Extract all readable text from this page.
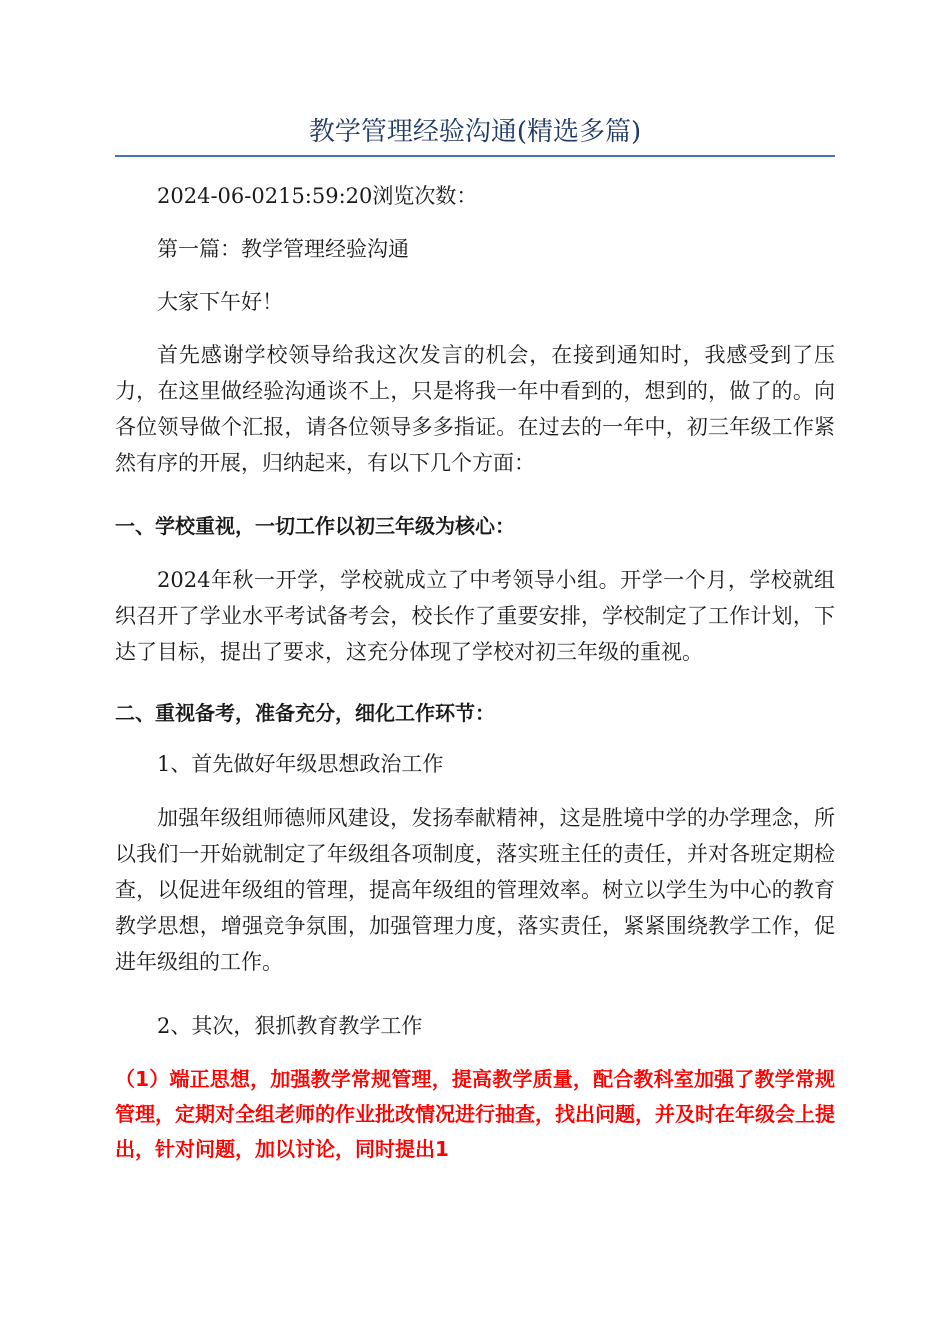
教学管理经验沟通(精选多篇)

2024-06-0215:59:20浏览次数：

第一篇：教学管理经验沟通

大家下午好！

首先感谢学校领导给我这次发言的机会，在接到通知时，我感受到了压力，在这里做经验沟通谈不上，只是将我一年中看到的，想到的，做了的。向各位领导做个汇报，请各位领导多多指证。在过去的一年中，初三年级工作紧然有序的开展，归纳起来，有以下几个方面：

一、学校重视，一切工作以初三年级为核心：

2024年秋一开学，学校就成立了中考领导小组。开学一个月，学校就组织召开了学业水平考试备考会，校长作了重要安排，学校制定了工作计划，下达了目标，提出了要求，这充分体现了学校对初三年级的重视。

二、重视备考，准备充分，细化工作环节：

1、首先做好年级思想政治工作

加强年级组师德师风建设，发扬奉献精神，这是胜境中学的办学理念，所以我们一开始就制定了年级组各项制度，落实班主任的责任，并对各班定期检查，以促进年级组的管理，提高年级组的管理效率。树立以学生为中心的教育教学思想，增强竞争氛围，加强管理力度，落实责任，紧紧围绕教学工作，促进年级组的工作。

2、其次，狠抓教育教学工作

（1）端正思想，加强教学常规管理，提高教学质量，配合教科室加强了教学常规管理，定期对全组老师的作业批改情况进行抽查，找出问题，并及时在年级会上提出，针对问题，加以讨论，同时提出1
